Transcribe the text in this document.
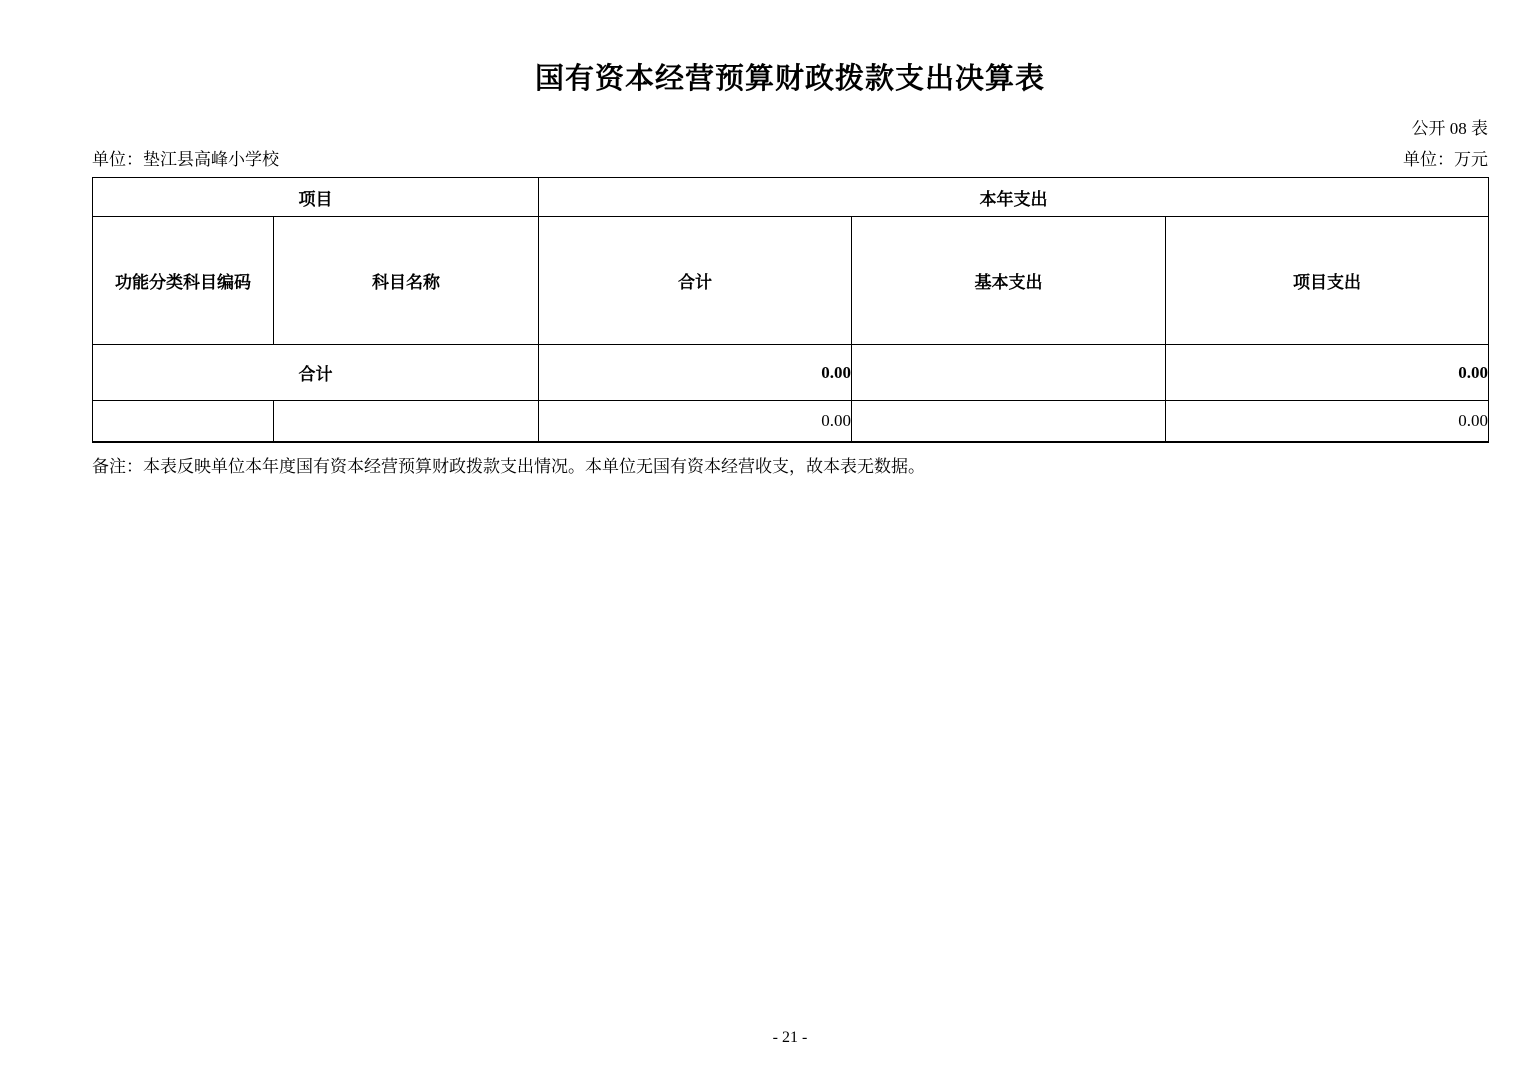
国有资本经营预算财政拨款支出决算表
公开 08 表
单位：垫江县高峰小学校	单位：万元
项目		本年支出		
功能分类科目编码	科目名称	合计	基本支出	项目支出
合计		0.00		0.00
		0.00		0.00
备注：本表反映单位本年度国有资本经营预算财政拨款支出情况。本单位无国有资本经营收支，故本表无数据。
- 21 -
